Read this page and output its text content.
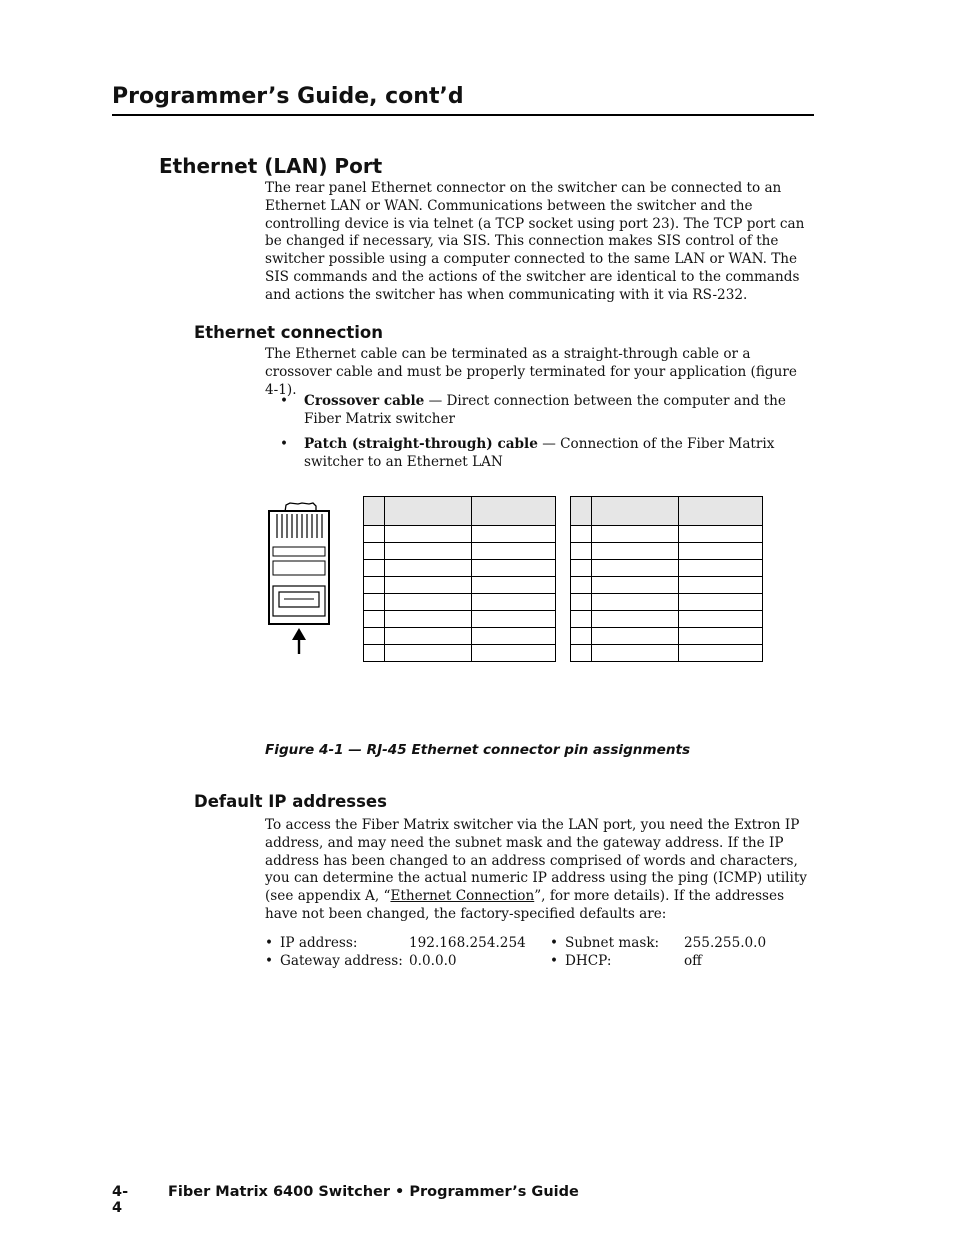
Programmer’s Guide, cont’d
Ethernet (LAN) Port
The rear panel Ethernet connector on the switcher can be connected to an Ethernet LAN or WAN. Communications between the switcher and the controlling device is via telnet (a TCP socket using port 23). The TCP port can be changed if necessary, via SIS. This connection makes SIS control of the switcher possible using a computer connected to the same LAN or WAN. The SIS commands and the actions of the switcher are identical to the commands and actions the switcher has when communicating with it via RS-232.
Ethernet connection
The Ethernet cable can be terminated as a straight-through cable or a crossover cable and must be properly terminated for your application (figure 4-1).
• Crossover cable — Direct connection between the computer and the Fiber Matrix switcher
• Patch (straight-through) cable — Connection of the Fiber Matrix switcher to an Ethernet LAN

Figure 4-1 — RJ-45 Ethernet connector pin assignments
Default IP addresses
To access the Fiber Matrix switcher via the LAN port, you need the Extron IP address, and may need the subnet mask and the gateway address. If the IP address has been changed to an address comprised of words and characters, you can determine the actual numeric IP address using the ping (ICMP) utility (see appendix A, “Ethernet Connection”, for more details). If the addresses have not been changed, the factory-specified defaults are:
• IP address:	192.168.254.254
• Gateway address: 0.0.0.0
• Subnet mask: 255.255.0.0
• DHCP:	off
4-4
Fiber Matrix 6400 Switcher • Programmer’s Guide
